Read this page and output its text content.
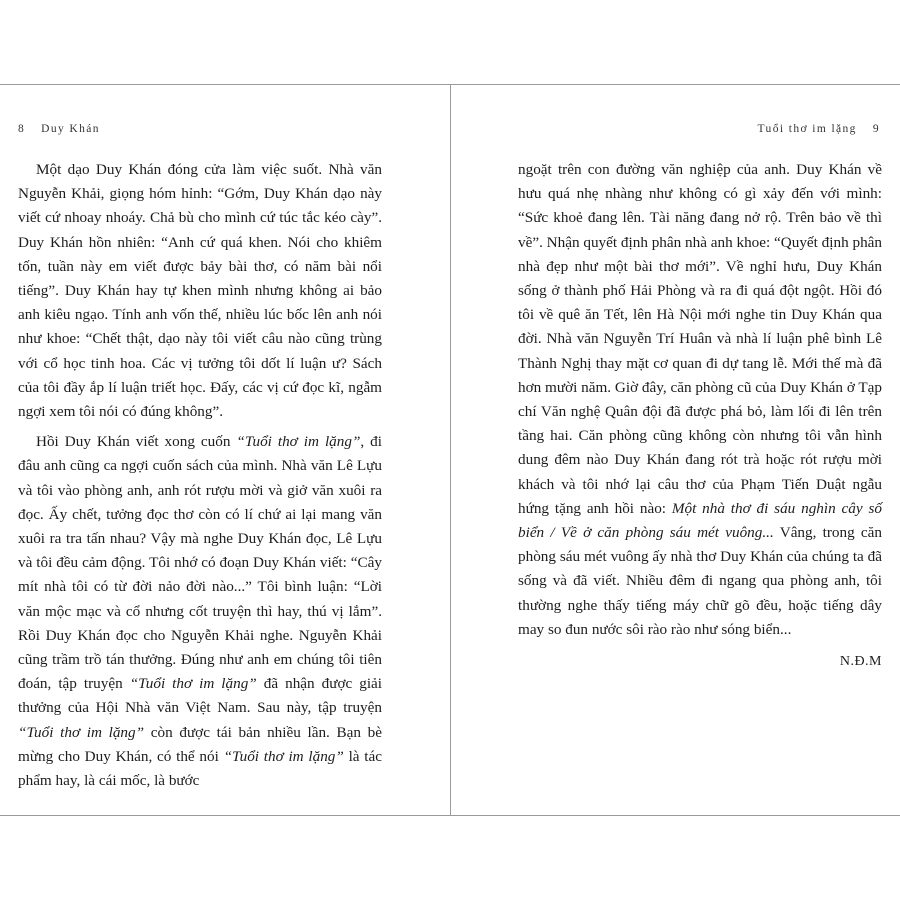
8 Duy Khán

Một dạo Duy Khán đóng cửa làm việc suốt. Nhà văn Nguyễn Khải, giọng hóm hỉnh: “Gớm, Duy Khán dạo này viết cứ nhoay nhoáy. Chả bù cho mình cứ túc tắc kéo cày”. Duy Khán hồn nhiên: “Anh cứ quá khen. Nói cho khiêm tốn, tuần này em viết được bảy bài thơ, có năm bài nổi tiếng”. Duy Khán hay tự khen mình nhưng không ai bảo anh kiêu ngạo. Tính anh vốn thế, nhiều lúc bốc lên anh nói như khoe: “Chết thật, dạo này tôi viết câu nào cũng trùng với cổ học tinh hoa. Các vị tưởng tôi dốt lí luận ư? Sách của tôi đầy ắp lí luận triết học. Đấy, các vị cứ đọc kĩ, ngẫm ngợi xem tôi nói có đúng không”.

Hồi Duy Khán viết xong cuốn “Tuổi thơ im lặng”, đi đâu anh cũng ca ngợi cuốn sách của mình. Nhà văn Lê Lựu và tôi vào phòng anh, anh rót rượu mời và giở văn xuôi ra đọc. Ấy chết, tưởng đọc thơ còn có lí chứ ai lại mang văn xuôi ra tra tấn nhau? Vậy mà nghe Duy Khán đọc, Lê Lựu và tôi đều cảm động. Tôi nhớ có đoạn Duy Khán viết: “Cây mít nhà tôi có từ đời nảo đời nào...” Tôi bình luận: “Lời văn mộc mạc và cổ nhưng cốt truyện thì hay, thú vị lắm”. Rồi Duy Khán đọc cho Nguyễn Khải nghe. Nguyễn Khải cũng trầm trồ tán thưởng. Đúng như anh em chúng tôi tiên đoán, tập truyện “Tuổi thơ im lặng” đã nhận được giải thưởng của Hội Nhà văn Việt Nam. Sau này, tập truyện “Tuổi thơ im lặng” còn được tái bản nhiều lần. Bạn bè mừng cho Duy Khán, có thể nói “Tuổi thơ im lặng” là tác phẩm hay, là cái mốc, là bước

Tuổi thơ im lặng 9

ngoặt trên con đường văn nghiệp của anh. Duy Khán về hưu quá nhẹ nhàng như không có gì xảy đến với mình: “Sức khoẻ đang lên. Tài năng đang nở rộ. Trên bảo về thì về”. Nhận quyết định phân nhà anh khoe: “Quyết định phân nhà đẹp như một bài thơ mới”. Về nghỉ hưu, Duy Khán sống ở thành phố Hải Phòng và ra đi quá đột ngột. Hồi đó tôi về quê ăn Tết, lên Hà Nội mới nghe tin Duy Khán qua đời. Nhà văn Nguyễn Trí Huân và nhà lí luận phê bình Lê Thành Nghị thay mặt cơ quan đi dự tang lễ. Mới thế mà đã hơn mười năm. Giờ đây, căn phòng cũ của Duy Khán ở Tạp chí Văn nghệ Quân đội đã được phá bỏ, làm lối đi lên trên tầng hai. Căn phòng cũng không còn nhưng tôi vẫn hình dung đêm nào Duy Khán đang rót trà hoặc rót rượu mời khách và tôi nhớ lại câu thơ của Phạm Tiến Duật ngẫu hứng tặng anh hồi nào: Một nhà thơ đi sáu nghìn cây số biển / Về ở căn phòng sáu mét vuông... Vâng, trong căn phòng sáu mét vuông ấy nhà thơ Duy Khán của chúng ta đã sống và đã viết. Nhiều đêm đi ngang qua phòng anh, tôi thường nghe thấy tiếng máy chữ gõ đều, hoặc tiếng dây may so đun nước sôi rào rào như sóng biển...

N.Đ.M
